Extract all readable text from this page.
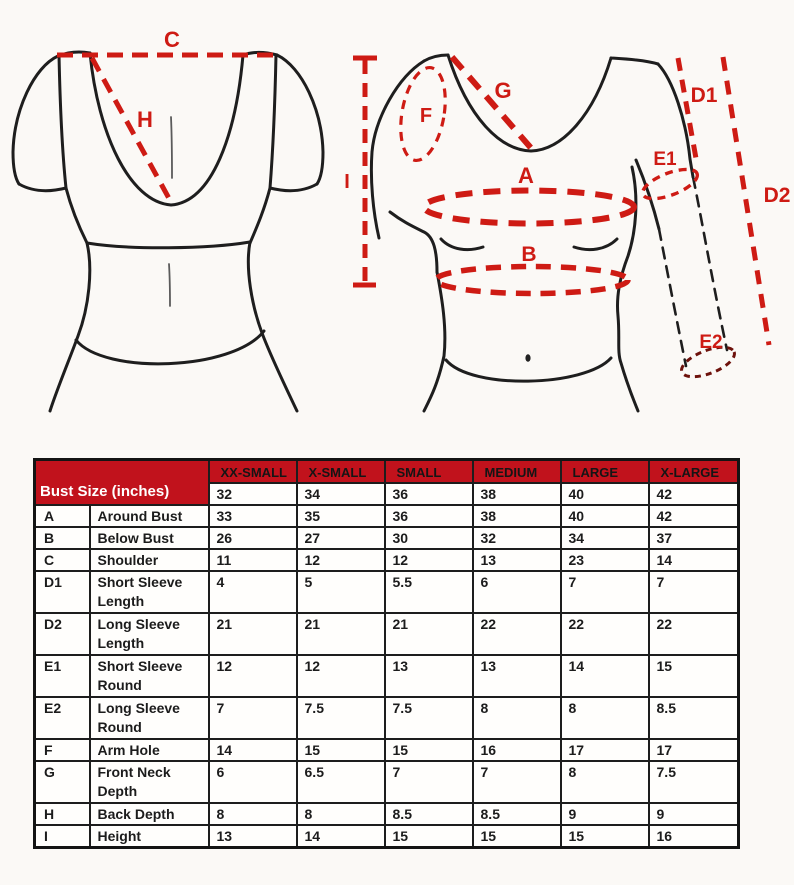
C
H
I
F
G
A
B
D1
D2
E1
E2
Bust Size (inches)		XX-SMALL	X-SMALL	SMALL	MEDIUM	LARGE	X-LARGE
		32	34	36	38	40	42
A	Around Bust	33	35	36	38	40	42
B	Below Bust	26	27	30	32	34	37
C	Shoulder	11	12	12	13	23	14
D1	Short Sleeve Length	4	5	5.5	6	7	7
D2	Long Sleeve Length	21	21	21	22	22	22
E1	Short Sleeve Round	12	12	13	13	14	15
E2	Long Sleeve Round	7	7.5	7.5	8	8	8.5
F	Arm Hole	14	15	15	16	17	17
G	Front Neck Depth	6	6.5	7	7	8	7.5
H	Back Depth	8	8	8.5	8.5	9	9
I	Height	13	14	15	15	15	16
